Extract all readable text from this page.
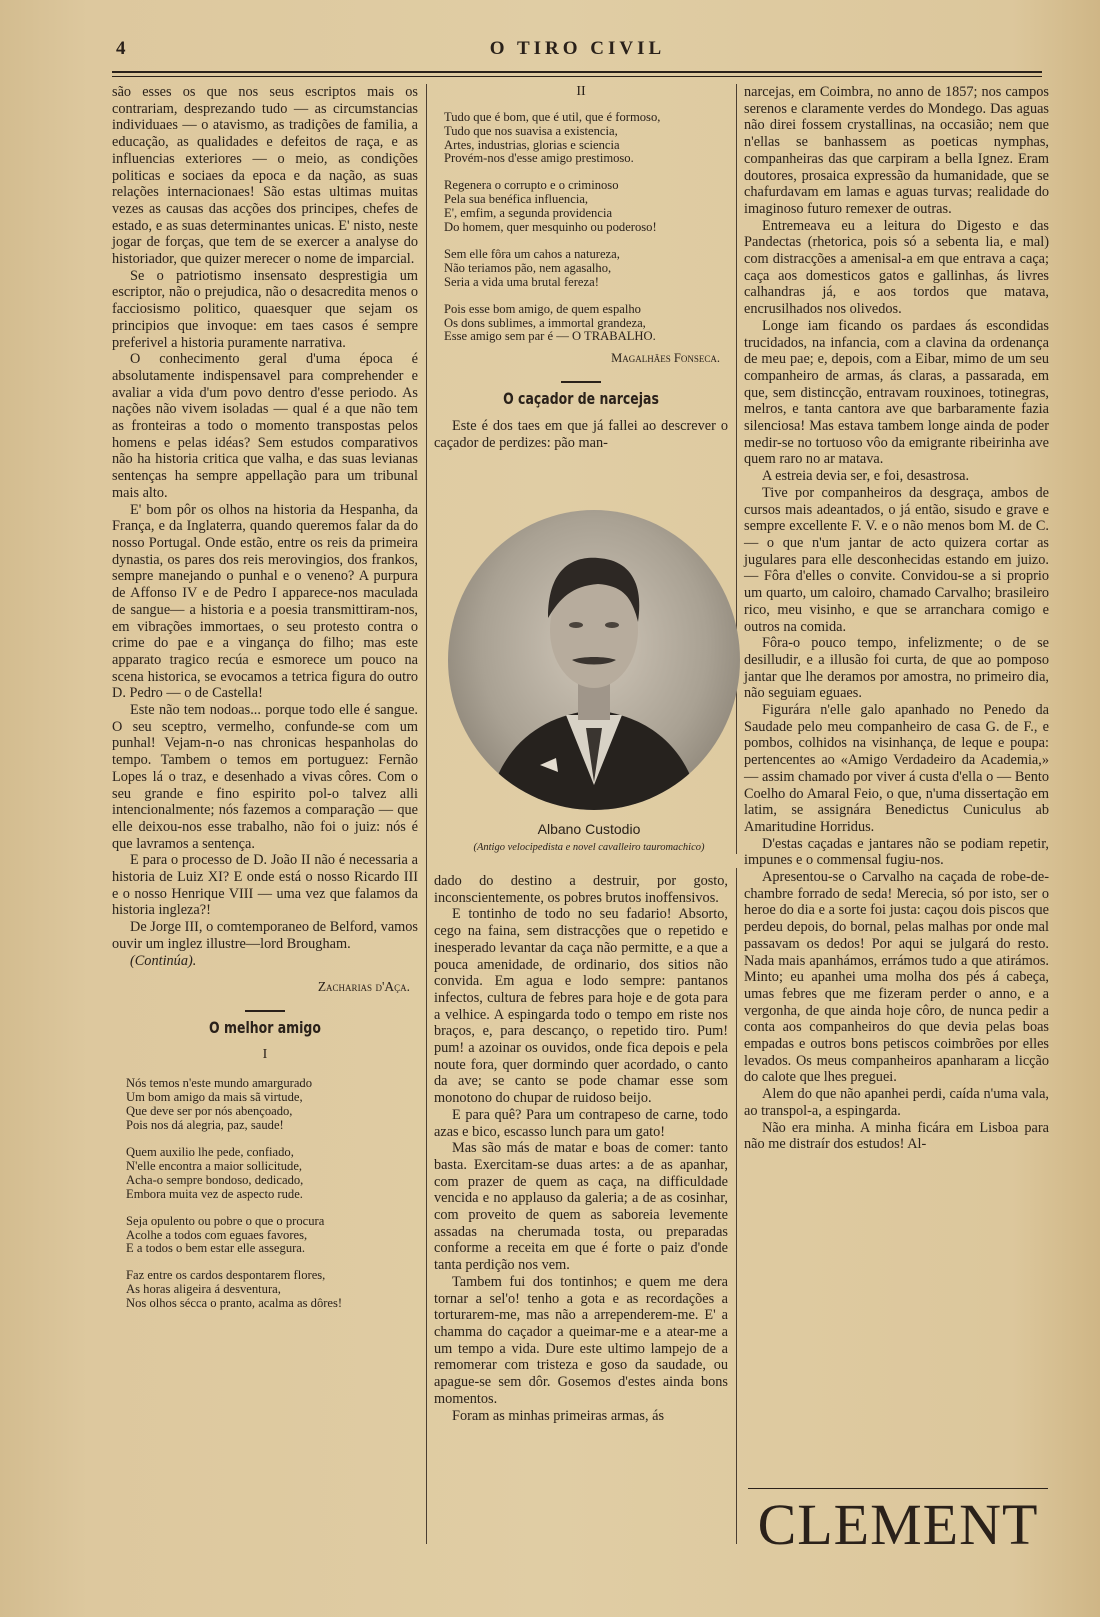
4	O TIRO CIVIL

são esses os que nos seus escriptos mais os contrariam, desprezando tudo — as circumstancias individuaes — o atavismo, as tradições de familia, a educação, as qualidades e defeitos de raça, e as influencias exteriores — o meio, as condições politicas e sociaes da epoca e da nação, as suas relações internacionaes! São estas ultimas muitas vezes as causas das acções dos principes, chefes de estado, e as suas determinantes unicas. E' nisto, neste jogar de forças, que tem de se exercer a analyse do historiador, que quizer merecer o nome de imparcial.

Se o patriotismo insensato desprestigia um escriptor, não o prejudica, não o desacredita menos o facciosismo politico, quaesquer que sejam os principios que invoque: em taes casos é sempre preferivel a historia puramente narrativa.

O conhecimento geral d'uma época é absolutamente indispensavel para comprehender e avaliar a vida d'um povo dentro d'esse periodo. As nações não vivem isoladas — qual é a que não tem as fronteiras a todo o momento transpostas pelos homens e pelas idéas? Sem estudos comparativos não ha historia critica que valha, e das suas levianas sentenças ha sempre appellação para um tribunal mais alto.

E' bom pôr os olhos na historia da Hespanha, da França, e da Inglaterra, quando queremos falar da do nosso Portugal. Onde estão, entre os reis da primeira dynastia, os pares dos reis merovingios, dos frankos, sempre manejando o punhal e o veneno? A purpura de Affonso IV e de Pedro I apparece-nos maculada de sangue— a historia e a poesia transmittiram-nos, em vibrações immortaes, o seu protesto contra o crime do pae e a vingança do filho; mas este apparato tragico recúa e esmorece um pouco na scena historica, se evocamos a tetrica figura do outro D. Pedro — o de Castella!

Este não tem nodoas... porque todo elle é sangue. O seu sceptro, vermelho, confunde-se com um punhal! Vejam-n-o nas chronicas hespanholas do tempo. Tambem o temos em portuguez: Fernão Lopes lá o traz, e desenhado a vivas côres. Com o seu grande e fino espirito pol-o talvez alli intencionalmente; nós fazemos a comparação — que elle deixou-nos esse trabalho, não foi o juiz: nós é que lavramos a sentença.

E para o processo de D. João II não é necessaria a historia de Luiz XI? E onde está o nosso Ricardo III e o nosso Henrique VIII — uma vez que falamos da historia ingleza?!

De Jorge III, o comtemporaneo de Belford, vamos ouvir um inglez illustre—lord Brougham.

(Continúa).

Zacharias d'Aça.
O melhor amigo
I
Nós temos n'este mundo amargurado
Um bom amigo da mais sã virtude,
Que deve ser por nós abençoado,
Pois nos dá alegria, paz, saude!
Quem auxilio lhe pede, confiado,
N'elle encontra a maior sollicitude,
Acha-o sempre bondoso, dedicado,
Embora muita vez de aspecto rude.
Seja opulento ou pobre o que o procura
Acolhe a todos com eguaes favores,
E a todos o bem estar elle assegura.
Faz entre os cardos despontarem flores,
As horas aligeira á desventura,
Nos olhos sécca o pranto, acalma as dôres!
II
Tudo que é bom, que é util, que é formoso,
Tudo que nos suavisa a existencia,
Artes, industrias, glorias e sciencia
Provém-nos d'esse amigo prestimoso.
Regenera o corrupto e o criminoso
Pela sua benéfica influencia,
E', emfim, a segunda providencia
Do homem, quer mesquinho ou poderoso!
Sem elle fôra um cahos a natureza,
Não teriamos pão, nem agasalho,
Seria a vida uma brutal fereza!
Pois esse bom amigo, de quem espalho
Os dons sublimes, a immortal grandeza,
Esse amigo sem par é — O TRABALHO.
Magalhães Fonseca.
O caçador de narcejas

Este é dos taes em que já fallei ao descrever o caçador de perdizes: pão man-

Albano Custodio
(Antigo velocipedista e novel cavalleiro tauromachico)

dado do destino a destruir, por gosto, inconscientemente, os pobres brutos inoffensivos.

E tontinho de todo no seu fadario! Absorto, cego na faina, sem distracções que o repetido e inesperado levantar da caça não permitte, e a que a pouca amenidade, de ordinario, dos sitios não convida. Em agua e lodo sempre: pantanos infectos, cultura de febres para hoje e de gota para a velhice. A espingarda todo o tempo em riste nos braços, e, para descanço, o repetido tiro. Pum! pum! a azoinar os ouvidos, onde fica depois e pela noute fora, quer dormindo quer acordado, o canto da ave; se canto se pode chamar esse som monotono do chupar de ruidoso beijo.

E para quê? Para um contrapeso de carne, todo azas e bico, escasso lunch para um gato!

Mas são más de matar e boas de comer: tanto basta. Exercitam-se duas artes: a de as apanhar, com prazer de quem as caça, na difficuldade vencida e no applauso da galeria; a de as cosinhar, com proveito de quem as saboreia levemente assadas na cherumada tosta, ou preparadas conforme a receita em que é forte o paiz d'onde tanta perdição nos vem.

Tambem fui dos tontinhos; e quem me dera tornar a sel'o! tenho a gota e as recordações a torturarem-me, mas não a arrependerem-me. E' a chamma do caçador a queimar-me e a atear-me a um tempo a vida. Dure este ultimo lampejo de a remomerar com tristeza e goso da saudade, ou apague-se sem dôr. Gosemos d'estes ainda bons momentos.

Foram as minhas primeiras armas, ás

narcejas, em Coimbra, no anno de 1857; nos campos serenos e claramente verdes do Mondego. Das aguas não direi fossem crystallinas, na occasião; nem que n'ellas se banhassem as poeticas nymphas, companheiras das que carpiram a bella Ignez. Eram doutores, prosaica expressão da humanidade, que se chafurdavam em lamas e aguas turvas; realidade do imaginoso futuro remexer de outras.

Entremeava eu a leitura do Digesto e das Pandectas (rhetorica, pois só a sebenta lia, e mal) com distracções a amenisal-a em que entrava a caça; caça aos domesticos gatos e gallinhas, ás livres calhandras já, e aos tordos que matava, encrusilhados nos olivedos.

Longe iam ficando os pardaes ás escondidas trucidados, na infancia, com a clavina da ordenança de meu pae; e, depois, com a Eibar, mimo de um seu companheiro de armas, ás claras, a passarada, em que, sem distincção, entravam rouxinoes, totinegras, melros, e tanta cantora ave que barbaramente fazia silenciosa! Mas estava tambem longe ainda de poder medir-se no tortuoso vôo da emigrante ribeirinha ave quem raro no ar matava.

A estreia devia ser, e foi, desastrosa.

Tive por companheiros da desgraça, ambos de cursos mais adeantados, o já então, sisudo e grave e sempre excellente F. V. e o não menos bom M. de C. — o que n'um jantar de acto quizera cortar as jugulares para elle desconhecidas estando em juizo. — Fôra d'elles o convite. Convidou-se a si proprio um quarto, um caloiro, chamado Carvalho; brasileiro rico, meu visinho, e que se arranchara comigo e outros na comida.

Fôra-o pouco tempo, infelizmente; o de se desilludir, e a illusão foi curta, de que ao pomposo jantar que lhe deramos por amostra, no primeiro dia, não seguiam eguaes.

Figurára n'elle galo apanhado no Penedo da Saudade pelo meu companheiro de casa G. de F., e pombos, colhidos na visinhança, de leque e poupa: pertencentes ao «Amigo Verdadeiro da Academia,» — assim chamado por viver á custa d'ella o — Bento Coelho do Amaral Feio, o que, n'uma dissertação em latim, se assignára Benedictus Cuniculus ab Amaritudine Horridus.

D'estas caçadas e jantares não se podiam repetir, impunes e o commensal fugiu-nos.

Apresentou-se o Carvalho na caçada de robe-de-chambre forrado de seda! Merecia, só por isto, ser o heroe do dia e a sorte foi justa: caçou dois piscos que perdeu depois, do bornal, pelas malhas por onde mal passavam os dedos! Por aqui se julgará do resto. Nada mais apanhámos, errámos tudo a que atirámos. Minto; eu apanhei uma molha dos pés á cabeça, umas febres que me fizeram perder o anno, e a vergonha, de que ainda hoje côro, de nunca pedir a conta aos companheiros do que devia pelas boas empadas e outros bons petiscos coimbrões por elles levados. Os meus companheiros apanharam a licção do calote que lhes preguei.

Alem do que não apanhei perdi, caída n'uma vala, ao transpol-a, a espingarda.

Não era minha. A minha ficára em Lisboa para não me distraír dos estudos! Al-

CLEMENT
